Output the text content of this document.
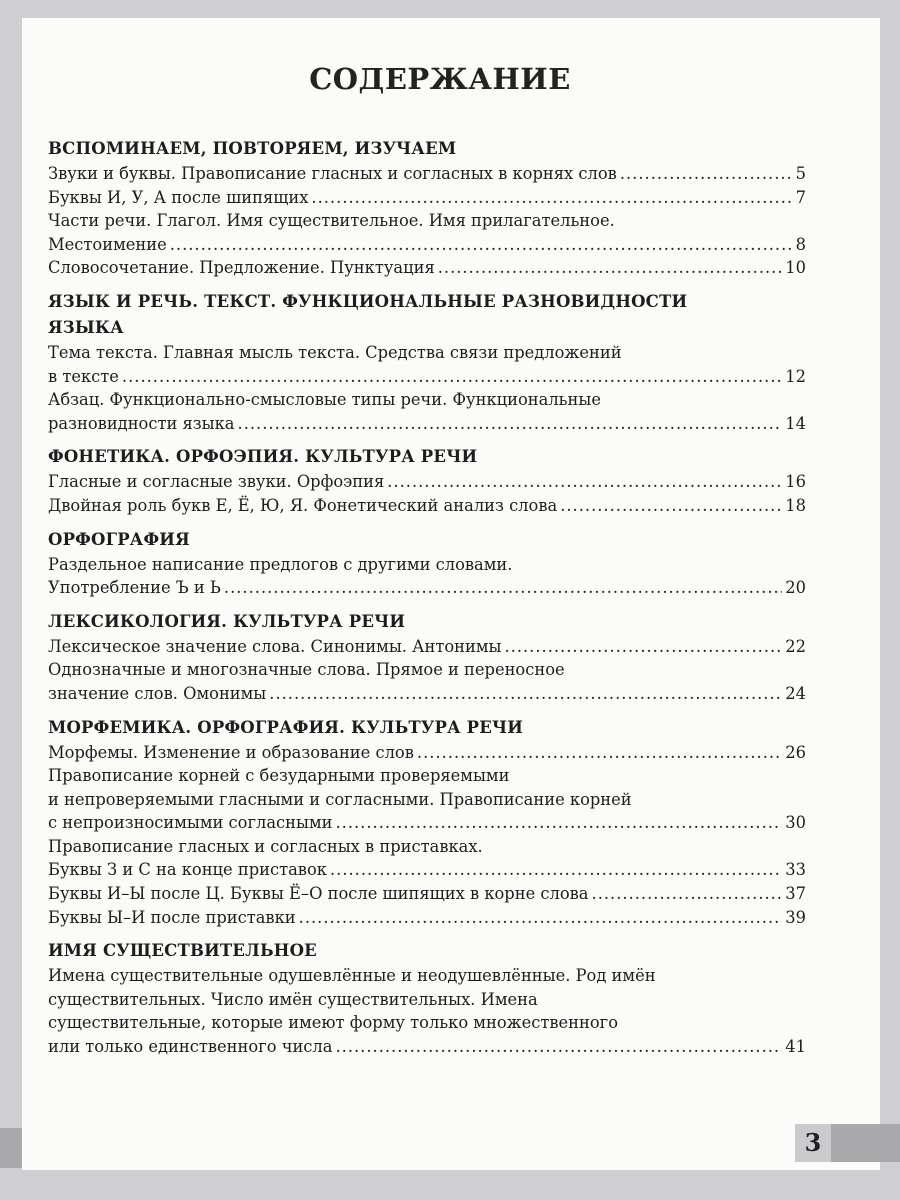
СОДЕРЖАНИЕ
ВСПОМИНАЕМ, ПОВТОРЯЕМ, ИЗУЧАЕМ
Звуки и буквы. Правописание гласных и согласных в корнях слов .....	5
Буквы И, У, А после шипящих .....	7
Части речи. Глагол. Имя существительное. Имя прилагательное.
Местоимение .....	8
Словосочетание. Предложение. Пунктуация .....	10
ЯЗЫК И РЕЧЬ. ТЕКСТ. ФУНКЦИОНАЛЬНЫЕ РАЗНОВИДНОСТИ
ЯЗЫКА
Тема текста. Главная мысль текста. Средства связи предложений
в тексте .....	12
Абзац. Функционально-смысловые типы речи. Функциональные
разновидности языка .....	14
ФОНЕТИКА. ОРФОЭПИЯ. КУЛЬТУРА РЕЧИ
Гласные и согласные звуки. Орфоэпия .....	16
Двойная роль букв Е, Ё, Ю, Я. Фонетический анализ слова .....	18
ОРФОГРАФИЯ
Раздельное написание предлогов с другими словами.
Употребление Ъ и Ь .....	20
ЛЕКСИКОЛОГИЯ. КУЛЬТУРА РЕЧИ
Лексическое значение слова. Синонимы. Антонимы .....	22
Однозначные и многозначные слова. Прямое и переносное
значение слов. Омонимы .....	24
МОРФЕМИКА. ОРФОГРАФИЯ. КУЛЬТУРА РЕЧИ
Морфемы. Изменение и образование слов .....	26
Правописание корней с безударными проверяемыми
и непроверяемыми гласными и согласными. Правописание корней
с непроизносимыми согласными .....	30
Правописание гласных и согласных в приставках.
Буквы З и С на конце приставок .....	33
Буквы И–Ы после Ц. Буквы Ё–О после шипящих в корне слова .....	37
Буквы Ы–И после приставки .....	39
ИМЯ СУЩЕСТВИТЕЛЬНОЕ
Имена существительные одушевлённые и неодушевлённые. Род имён
существительных. Число имён существительных. Имена
существительные, которые имеют форму только множественного
или только единственного числа .....	41
3
